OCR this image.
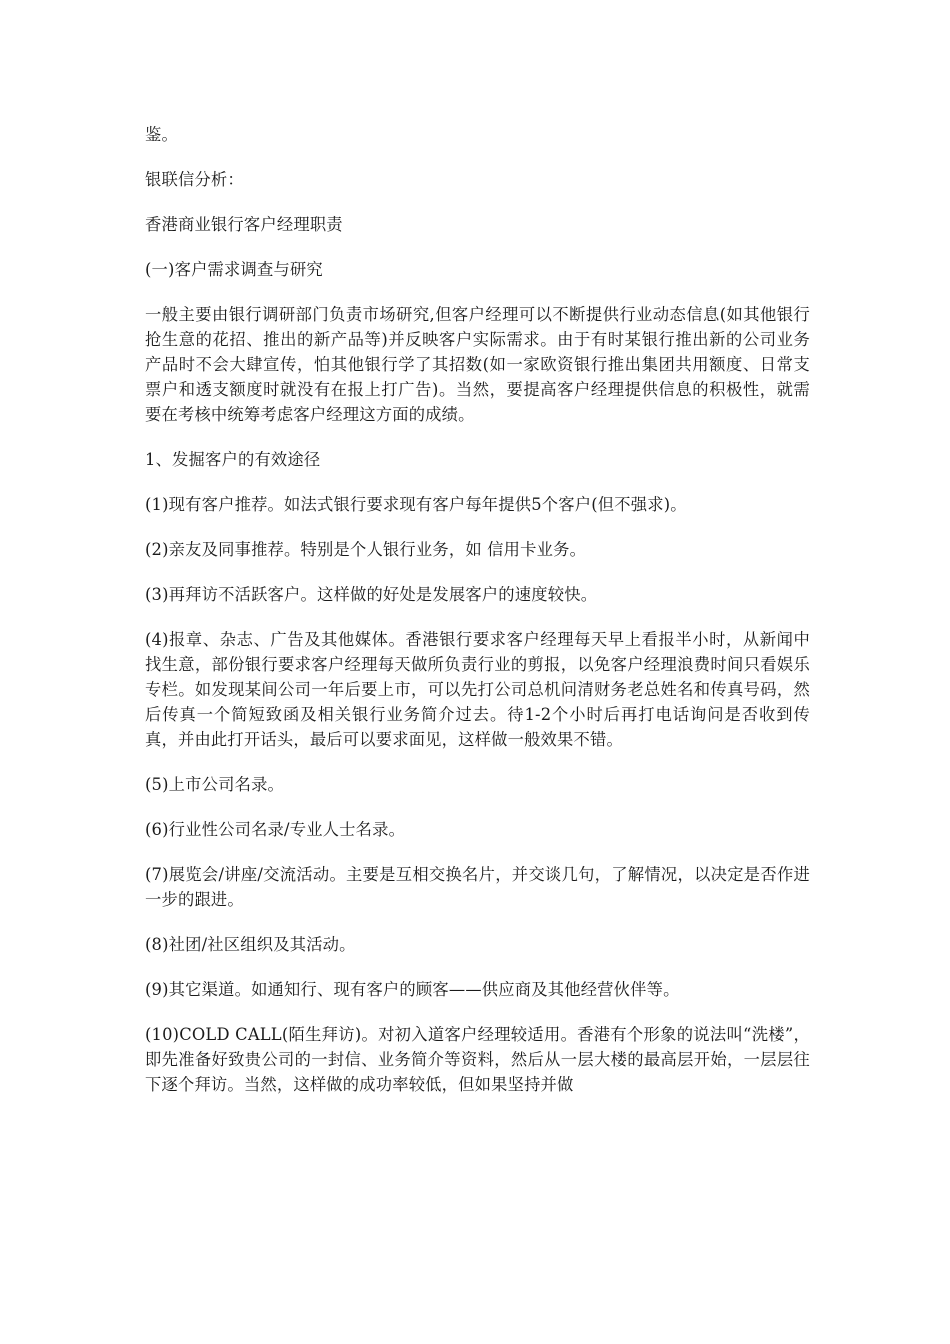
鉴。

银联信分析：

香港商业银行客户经理职责

(一)客户需求调查与研究

一般主要由银行调研部门负责市场研究,但客户经理可以不断提供行业动态信息(如其他银行抢生意的花招、推出的新产品等)并反映客户实际需求。由于有时某银行推出新的公司业务产品时不会大肆宣传，怕其他银行学了其招数(如一家欧资银行推出集团共用额度、日常支票户和透支额度时就没有在报上打广告)。当然，要提高客户经理提供信息的积极性，就需要在考核中统筹考虑客户经理这方面的成绩。

1、发掘客户的有效途径

(1)现有客户推荐。如法式银行要求现有客户每年提供5个客户(但不强求)。

(2)亲友及同事推荐。特别是个人银行业务，如 信用卡业务。

(3)再拜访不活跃客户。这样做的好处是发展客户的速度较快。

(4)报章、杂志、广告及其他媒体。香港银行要求客户经理每天早上看报半小时，从新闻中找生意，部份银行要求客户经理每天做所负责行业的剪报，以免客户经理浪费时间只看娱乐专栏。如发现某间公司一年后要上市，可以先打公司总机问清财务老总姓名和传真号码，然后传真一个简短致函及相关银行业务简介过去。待1-2个小时后再打电话询问是否收到传真，并由此打开话头，最后可以要求面见，这样做一般效果不错。

(5)上市公司名录。

(6)行业性公司名录/专业人士名录。

(7)展览会/讲座/交流活动。主要是互相交换名片，并交谈几句，了解情况，以决定是否作进一步的跟进。

(8)社团/社区组织及其活动。

(9)其它渠道。如通知行、现有客户的顾客——供应商及其他经营伙伴等。

(10)COLD CALL(陌生拜访)。对初入道客户经理较适用。香港有个形象的说法叫“洗楼”，即先准备好致贵公司的一封信、业务简介等资料，然后从一层大楼的最高层开始，一层层往下逐个拜访。当然，这样做的成功率较低，但如果坚持并做
